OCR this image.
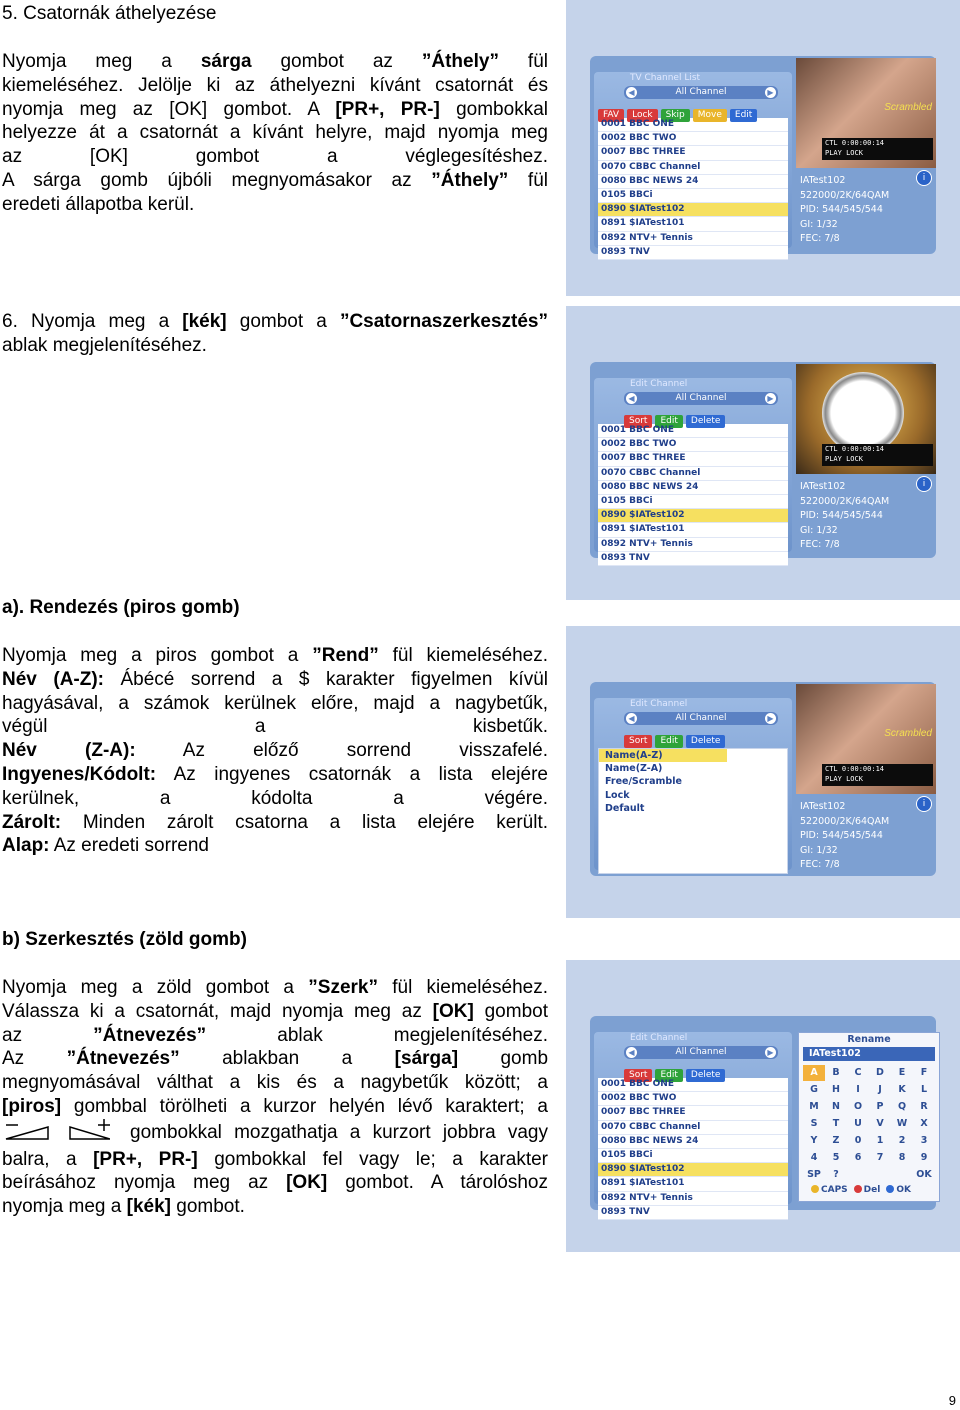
5. Csatornák áthelyezése

Nyomja meg a sárga gombot az ”Áthely” fül

kiemeléséhez. Jelölje ki az áthelyezni kívánt csatornát és

nyomja meg az [OK] gombot. A [PR+, PR-] gombokkal

helyezze át a csatornát a kívánt helyre, majd nyomja meg

az [OK] gombot a véglegesítéshez.

A sárga gomb újbóli megnyomásakor az ”Áthely” fül

eredeti állapotba kerül.

6. Nyomja meg a [kék] gombot a ”Csatornaszerkesztés”

ablak megjelenítéséhez.

a). Rendezés (piros gomb)

Nyomja meg a piros gombot a ”Rend” fül kiemeléséhez.

Név (A-Z): Ábécé sorrend a $ karakter figyelmen kívül

hagyásával, a számok kerülnek előre, majd a nagybetűk,

végül a kisbetűk.

Név (Z-A): Az előző sorrend visszafelé.

Ingyenes/Kódolt: Az ingyenes csatornák a lista elejére

kerülnek, a kódolta a végére.

Zárolt: Minden zárolt csatorna a lista elejére került.

Alap: Az eredeti sorrend

b) Szerkesztés (zöld gomb)

Nyomja meg a zöld gombot a ”Szerk” fül kiemeléséhez.

Válassza ki a csatornát, majd nyomja meg az [OK] gombot

az ”Átnevezés” ablak megjelenítéséhez.

Az ”Átnevezés” ablakban a [sárga] gomb

megnyomásával válthat a kis és a nagybetűk között; a

[piros] gombbal törölheti a kurzor helyén lévő karaktert; a

gombokkal mozgathatja a kurzort jobbra vagy

balra, a [PR+, PR-] gombokkal fel vagy le; a karakter

beírásához nyomja meg az [OK] gombot. A tárolóshoz

nyomja meg a [kék] gombot.

TV Channel List
◀	All Channel	▶
FAV Lock Skip Move Edit
0001 BBC ONE
0002 BBC TWO
0007 BBC THREE
0070 CBBC Channel
0080 BBC NEWS 24
0105 BBCi
0890 $IATest102
0891 $IATest101
0892 NTV+ Tennis
0893 TNV
Scrambled
CTL 0:00:00:14
PLAY LOCK
i
IATest102
522000/2K/64QAM
PID: 544/545/544
GI: 1/32
FEC: 7/8
Edit Channel
◀	All Channel	▶
Sort Edit Delete
0001 BBC ONE
0002 BBC TWO
0007 BBC THREE
0070 CBBC Channel
0080 BBC NEWS 24
0105 BBCi
0890 $IATest102
0891 $IATest101
0892 NTV+ Tennis
0893 TNV
CTL 0:00:00:14
PLAY LOCK
i
IATest102
522000/2K/64QAM
PID: 544/545/544
GI: 1/32
FEC: 7/8
Edit Channel
◀	All Channel	▶
Sort Edit Delete
Name(A-Z)
Name(Z-A)
Free/Scramble
Lock
Default
Scrambled
CTL 0:00:00:14
PLAY LOCK
i
IATest102
522000/2K/64QAM
PID: 544/545/544
GI: 1/32
FEC: 7/8
Edit Channel
◀	All Channel	▶
Sort Edit Delete
0001 BBC ONE
0002 BBC TWO
0007 BBC THREE
0070 CBBC Channel
0080 BBC NEWS 24
0105 BBCi
0890 $IATest102
0891 $IATest101
0892 NTV+ Tennis
0893 TNV
Rename
IATest102
A	B	C	D	E	F
G	H	I	J	K	L
M	N	O	P	Q	R
S	T	U	V	W	X
Y	Z	0	1	2	3
4	5	6	7	8	9
SP	?	OK
CAPS Del OK
9
